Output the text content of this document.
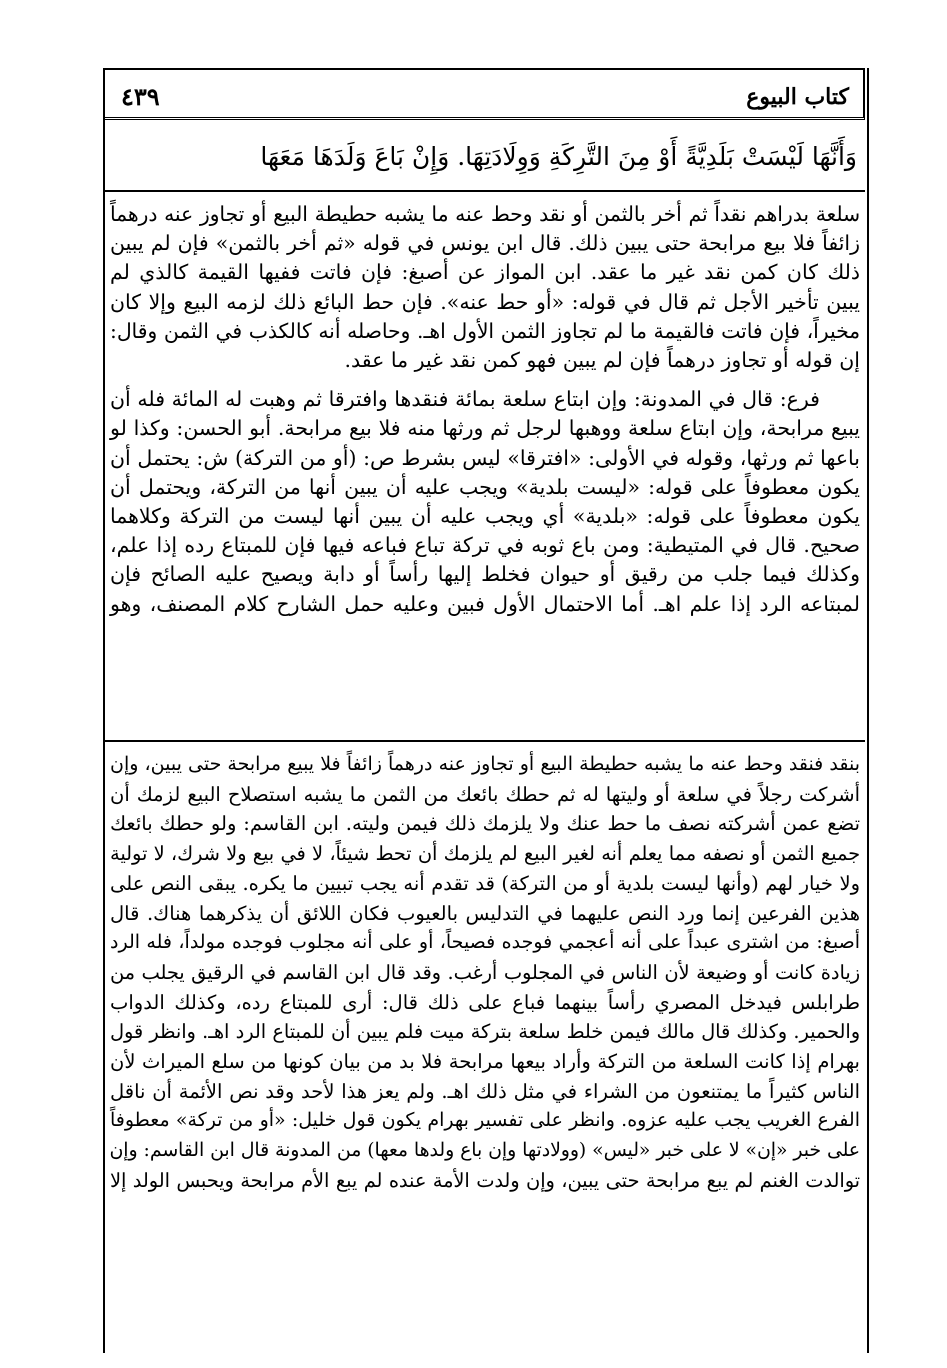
كتاب البيوع
٤٣٩
وَأَنَّهَا لَيْسَتْ بَلَدِيَّةً أَوْ مِنَ التَّرِكَةِ وَوِلَادَتِهَا. وَإِنْ بَاعَ وَلَدَهَا مَعَهَا
سلعة بدراهم نقداً ثم أخر بالثمن أو نقد وحط عنه ما يشبه حطيطة البيع أو تجاوز عنه درهماً
زائفاً فلا بيع مرابحة حتى يبين ذلك. قال ابن يونس في قوله «ثم أخر بالثمن» فإن لم يبين
ذلك كان كمن نقد غير ما عقد. ابن المواز عن أصبغ: فإن فاتت ففيها القيمة كالذي لم
يبين تأخير الأجل ثم قال في قوله: «أو حط عنه». فإن حط البائع ذلك لزمه البيع وإلا كان
مخيراً، فإن فاتت فالقيمة ما لم تجاوز الثمن الأول اهـ. وحاصله أنه كالكذب في الثمن وقال:
إن قوله أو تجاوز درهماً فإن لم يبين فهو كمن نقد غير ما عقد.
فرع: قال في المدونة: وإن ابتاع سلعة بمائة فنقدها وافترقا ثم وهبت له المائة فله أن
يبيع مرابحة، وإن ابتاع سلعة ووهبها لرجل ثم ورثها منه فلا بيع مرابحة. أبو الحسن: وكذا لو
باعها ثم ورثها، وقوله في الأولى: «افترقا» ليس بشرط ص: (أو من التركة) ش: يحتمل أن
يكون معطوفاً على قوله: «ليست بلدية» ويجب عليه أن يبين أنها من التركة، ويحتمل أن
يكون معطوفاً على قوله: «بلدية» أي ويجب عليه أن يبين أنها ليست من التركة وكلاهما
صحيح. قال في المتيطية: ومن باع ثوبه في تركة تباع فباعه فيها فإن للمبتاع رده إذا علم،
وكذلك فيما جلب من رقيق أو حيوان فخلط إليها رأساً أو دابة ويصيح عليه الصائح فإن
لمبتاعه الرد إذا علم اهـ. أما الاحتمال الأول فبين وعليه حمل الشارح كلام المصنف، وهو
بنقد فنقد وحط عنه ما يشبه حطيطة البيع أو تجاوز عنه درهماً زائفاً فلا يبيع مرابحة حتى يبين، وإن
أشركت رجلاً في سلعة أو وليتها له ثم حطك بائعك من الثمن ما يشبه استصلاح البيع لزمك أن
تضع عمن أشركته نصف ما حط عنك ولا يلزمك ذلك فيمن وليته. ابن القاسم: ولو حطك بائعك
جميع الثمن أو نصفه مما يعلم أنه لغير البيع لم يلزمك أن تحط شيئاً، لا في بيع ولا شرك، لا تولية
ولا خيار لهم (وأنها ليست بلدية أو من التركة) قد تقدم أنه يجب تبيين ما يكره. يبقى النص على
هذين الفرعين إنما ورد النص عليهما في التدليس بالعيوب فكان اللائق أن يذكرهما هناك. قال
أصبغ: من اشترى عبداً على أنه أعجمي فوجده فصيحاً، أو على أنه مجلوب فوجده مولداً، فله الرد
زيادة كانت أو وضيعة لأن الناس في المجلوب أرغب. وقد قال ابن القاسم في الرقيق يجلب من
طرابلس فيدخل المصري رأساً بينهما فباع على ذلك قال: أرى للمبتاع رده، وكذلك الدواب
والحمير. وكذلك قال مالك فيمن خلط سلعة بتركة ميت فلم يبين أن للمبتاع الرد اهـ. وانظر قول
بهرام إذا كانت السلعة من التركة وأراد بيعها مرابحة فلا بد من بيان كونها من سلع الميراث لأن
الناس كثيراً ما يمتنعون من الشراء في مثل ذلك اهـ. ولم يعز هذا لأحد وقد نص الأئمة أن ناقل
الفرع الغريب يجب عليه عزوه. وانظر على تفسير بهرام يكون قول خليل: «أو من تركة» معطوفاً
على خبر «إن» لا على خبر «ليس» (وولادتها وإن باع ولدها معها) من المدونة قال ابن القاسم: وإن
توالدت الغنم لم يبع مرابحة حتى يبين، وإن ولدت الأمة عنده لم يبع الأم مرابحة ويحبس الولد إلا
